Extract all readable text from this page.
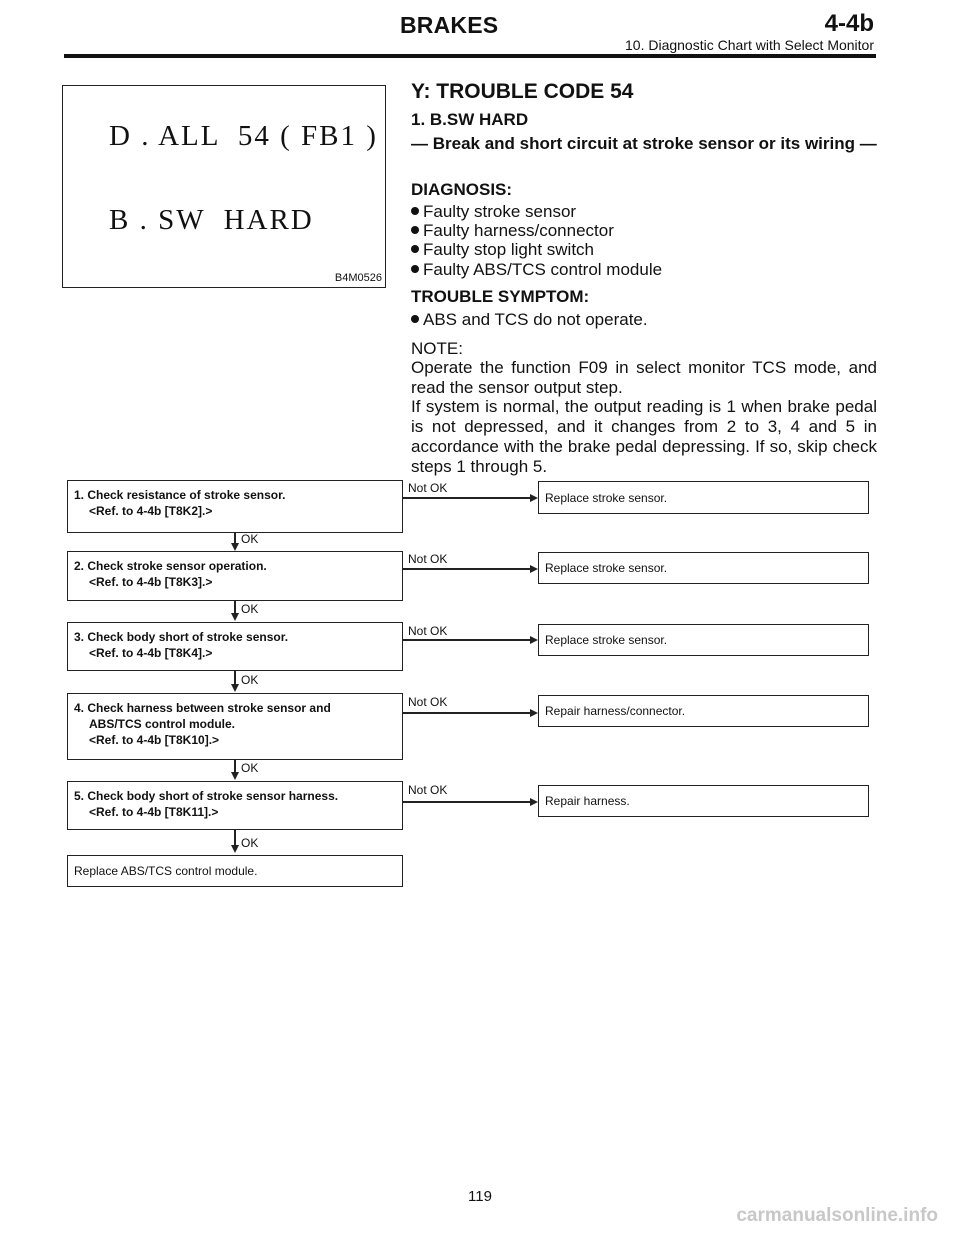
BRAKES	4-4b
10. Diagnostic Chart with Select Monitor
D . ALL  54 ( FB1 )
B . SW  HARD
B4M0526
Y: TROUBLE CODE 54
1. B.SW HARD
— Break and short circuit at stroke sensor or its wiring —
DIAGNOSIS:
Faulty stroke sensor
Faulty harness/connector
Faulty stop light switch
Faulty ABS/TCS control module
TROUBLE SYMPTOM:
ABS and TCS do not operate.
NOTE:
Operate the function F09 in select monitor TCS mode, and read the sensor output step.
If system is normal, the output reading is 1 when brake pedal is not depressed, and it changes from 2 to 3, 4 and 5 in accordance with the brake pedal depressing. If so, skip check steps 1 through 5.
1. Check resistance of stroke sensor.
<Ref. to 4-4b [T8K2].>
Not OK
Replace stroke sensor.
OK
2. Check stroke sensor operation.
<Ref. to 4-4b [T8K3].>
Not OK
Replace stroke sensor.
OK
3. Check body short of stroke sensor.
<Ref. to 4-4b [T8K4].>
Not OK
Replace stroke sensor.
OK
4. Check harness between stroke sensor and
ABS/TCS control module.
<Ref. to 4-4b [T8K10].>
Not OK
Repair harness/connector.
OK
5. Check body short of stroke sensor harness.
<Ref. to 4-4b [T8K11].>
Not OK
Repair harness.
OK
Replace ABS/TCS control module.
119
carmanualsonline.info
